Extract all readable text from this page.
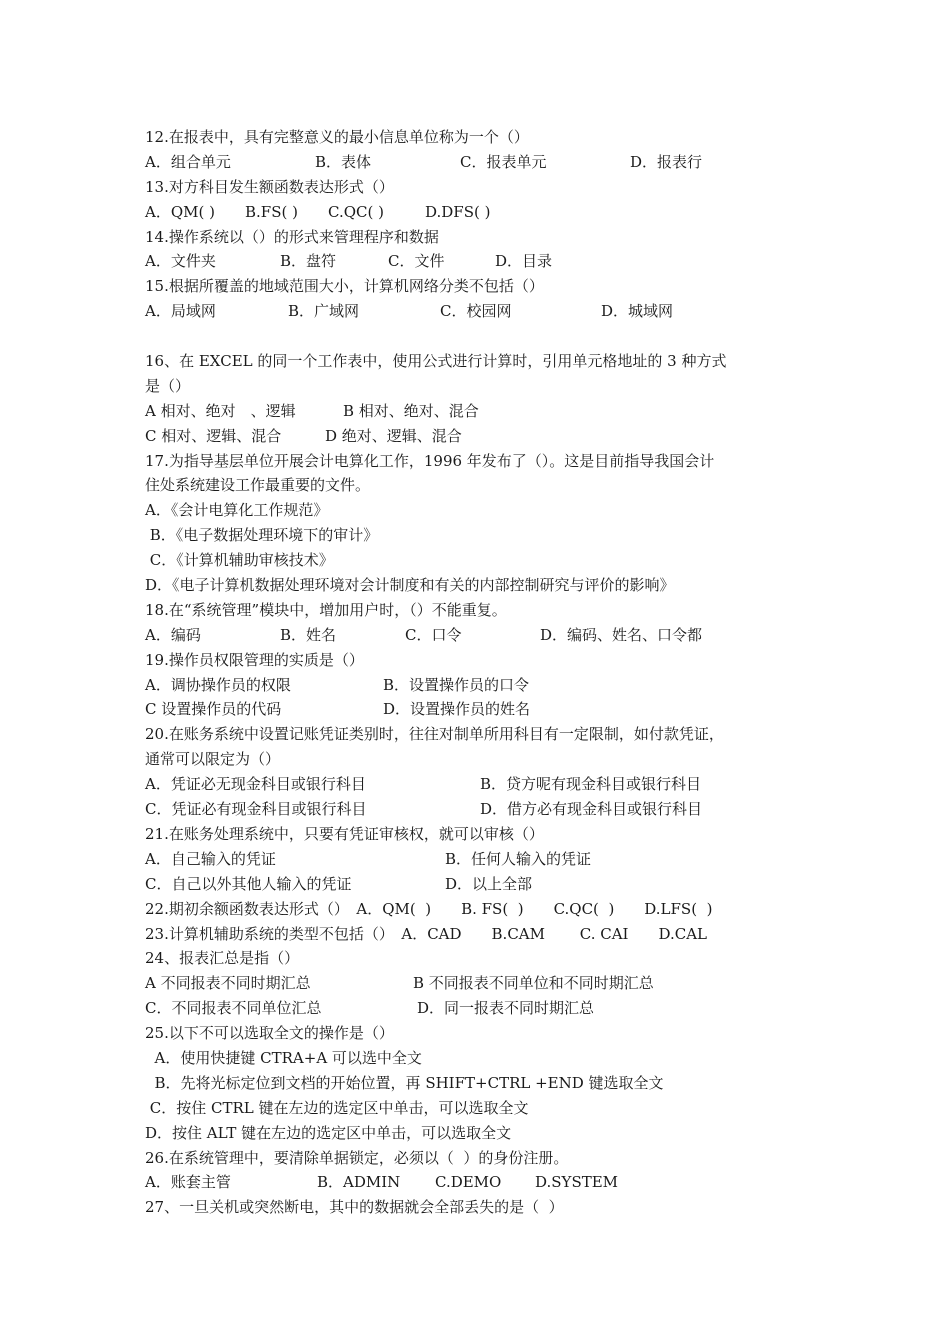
12.在报表中，具有完整意义的最小信息单位称为一个（）
A．组合单元	B．表体	C．报表单元	D．报表行
13.对方科目发生额函数表达形式（）
A．QM( ) B.FS( ) C.QC( )	D.DFS( )
14.操作系统以（）的形式来管理程序和数据
A．文件夹	B．盘符	C．文件	D．目录
15.根据所覆盖的地域范围大小，计算机网络分类不包括（）
A．局域网	B．广域网	C．校园网	D．城域网
16、在 EXCEL 的同一个工作表中，使用公式进行计算时，引用单元格地址的 3 种方式
是（）
A 相对、绝对　、逻辑	B 相对、绝对、混合
C 相对、逻辑、混合	D 绝对、逻辑、混合
17.为指导基层单位开展会计电算化工作，1996 年发布了（）。这是目前指导我国会计
住处系统建设工作最重要的文件。
A．《会计电算化工作规范》
B．《电子数据处理环境下的审计》
C．《计算机辅助审核技术》
D．《电子计算机数据处理环境对会计制度和有关的内部控制研究与评价的影响》
18.在“系统管理”模块中，增加用户时，（）不能重复。
A．编码	B．姓名	C．口令	D．编码、姓名、口令都
19.操作员权限管理的实质是（）
A．调协操作员的权限	B．设置操作员的口令
C 设置操作员的代码	D．设置操作员的姓名
20.在账务系统中设置记账凭证类别时，往往对制单所用科目有一定限制，如付款凭证，
通常可以限定为（）
A．凭证必无现金科目或银行科目	B．贷方呢有现金科目或银行科目
C．凭证必有现金科目或银行科目	D．借方必有现金科目或银行科目
21.在账务处理系统中，只要有凭证审核权，就可以审核（）
A．自己输入的凭证	B．任何人输入的凭证
C．自己以外其他人输入的凭证	D．以上全部
22.期初余额函数表达形式（）　A．QM(  )　　B. FS(  )　　C.QC(  )　　D.LFS(  )
23.计算机辅助系统的类型不包括（）　A．CAD　　B.CAM　　 C. CAI　　D.CAL
24、报表汇总是指（）
A 不同报表不同时期汇总	B 不同报表不同单位和不同时期汇总
C．不同报表不同单位汇总	D．同一报表不同时期汇总
25.以下不可以选取全文的操作是（）
A．使用快捷键 CTRA+A 可以选中全文
B．先将光标定位到文档的开始位置，再 SHIFT+CTRL +END 键选取全文
C．按住 CTRL 键在左边的选定区中单击，可以选取全文
D．按住 ALT 键在左边的选定区中单击，可以选取全文
26.在系统管理中，要清除单据锁定，必须以（  ）的身份注册。
A．账套主管	B．ADMIN C.DEMO D.SYSTEM
27、一旦关机或突然断电，其中的数据就会全部丢失的是（  ）
